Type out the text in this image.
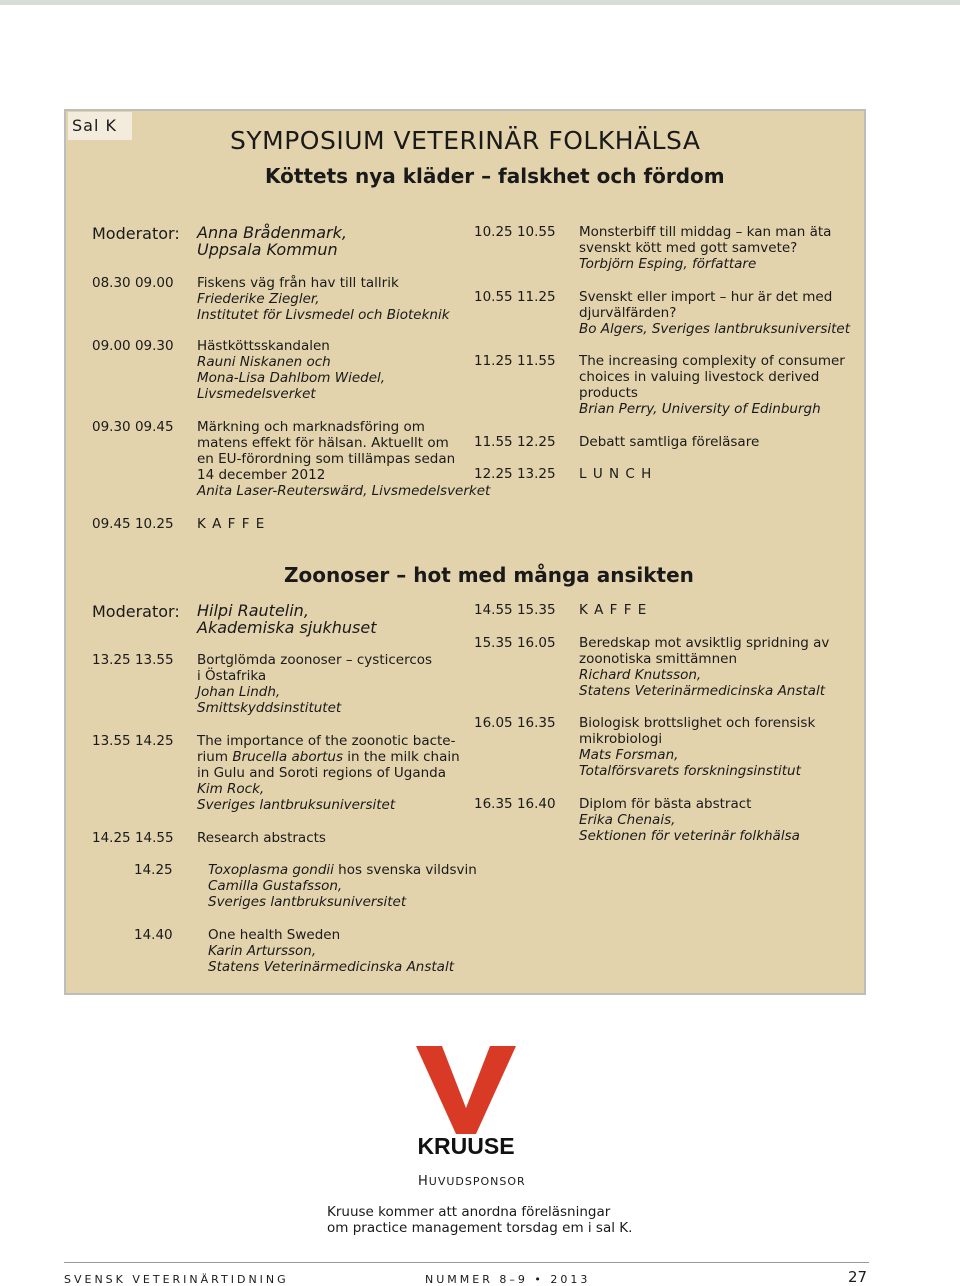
Sal K
SYMPOSIUM VETERINÄR FOLKHÄLSA
Köttets nya kläder – falskhet och fördom
Moderator: Anna Brådenmark,
Uppsala Kommun
08.30 09.00 Fiskens väg från hav till tallrik
Friederike Ziegler,
Institutet för Livsmedel och Bioteknik
09.00 09.30 Hästköttsskandalen
Rauni Niskanen och
Mona-Lisa Dahlbom Wiedel,
Livsmedelsverket
09.30 09.45 Märkning och marknadsföring om
matens effekt för hälsan. Aktuellt om
en EU-förordning som tillämpas sedan
14 december 2012
Anita Laser-Reuterswärd, Livsmedelsverket
09.45 10.25 K A F F E
10.25 10.55 Monsterbiff till middag – kan man äta
svenskt kött med gott samvete?
Torbjörn Esping, författare
10.55 11.25 Svenskt eller import – hur är det med
djurvälfärden?
Bo Algers, Sveriges lantbruksuniversitet
11.25 11.55 The increasing complexity of consumer
choices in valuing livestock derived
products
Brian Perry, University of Edinburgh
11.55 12.25 Debatt samtliga föreläsare
12.25 13.25 L U N C H
Zoonoser – hot med många ansikten
Moderator: Hilpi Rautelin,
Akademiska sjukhuset
13.25 13.55 Bortglömda zoonoser – cysticercos
i Östafrika
Johan Lindh,
Smittskyddsinstitutet
13.55 14.25 The importance of the zoonotic bacte-
rium Brucella abortus in the milk chain
in Gulu and Soroti regions of Uganda
Kim Rock,
Sveriges lantbruksuniversitet
14.25 14.55 Research abstracts
14.25	Toxoplasma gondii hos svenska vildsvin
Camilla Gustafsson,
Sveriges lantbruksuniversitet
14.40	One health Sweden
Karin Artursson,
Statens Veterinärmedicinska Anstalt
14.55 15.35 K A F F E
15.35 16.05 Beredskap mot avsiktlig spridning av
zoonotiska smittämnen
Richard Knutsson,
Statens Veterinärmedicinska Anstalt
16.05 16.35 Biologisk brottslighet och forensisk
mikrobiologi
Mats Forsman,
Totalförsvarets forskningsinstitut
16.35 16.40 Diplom för bästa abstract
Erika Chenais,
Sektionen för veterinär folkhälsa
KRUUSE
HUVUDSPONSOR
Kruuse kommer att anordna föreläsningar
om practice management torsdag em i sal K.
SVENSK VETERINÄRTIDNING	NUMMER 8–9 • 2013	27
